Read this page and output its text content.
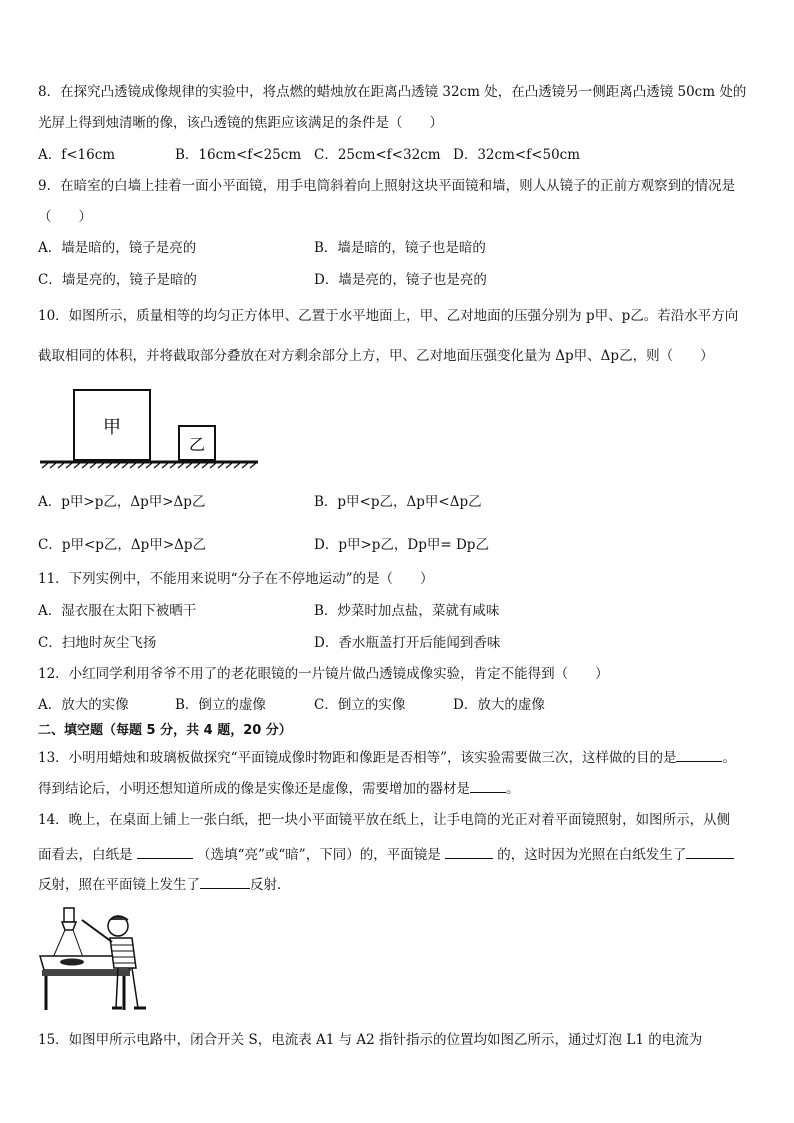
8．在探究凸透镜成像规律的实验中，将点燃的蜡烛放在距离凸透镜 32cm 处，在凸透镜另一侧距离凸透镜 50cm 处的
光屏上得到烛清晰的像，该凸透镜的焦距应该满足的条件是（　　）
A．f<16cm	B．16cm<f<25cm C．25cm<f<32cm D．32cm<f<50cm
9．在暗室的白墙上挂着一面小平面镜，用手电筒斜着向上照射这块平面镜和墙，则人从镜子的正前方观察到的情况是
（　　）
A．墙是暗的，镜子是亮的	B．墙是暗的，镜子也是暗的
C．墙是亮的，镜子是暗的	D．墙是亮的，镜子也是亮的
10．如图所示，质量相等的均匀正方体甲、乙置于水平地面上，甲、乙对地面的压强分别为 p甲、p乙。若沿水平方向
截取相同的体积，并将截取部分叠放在对方剩余部分上方，甲、乙对地面压强变化量为 Δp甲、Δp乙，则（　　）
甲
乙
A．p甲>p乙，Δp甲>Δp乙	B．p甲<p乙，Δp甲<Δp乙
C．p甲<p乙，Δp甲>Δp乙	D．p甲>p乙，Dp甲= Dp乙
11．下列实例中，不能用来说明“分子在不停地运动”的是（　　）
A．湿衣服在太阳下被晒干	B．炒菜时加点盐，菜就有咸味
C．扫地时灰尘飞扬	D．香水瓶盖打开后能闻到香味
12．小红同学利用爷爷不用了的老花眼镜的一片镜片做凸透镜成像实验，肯定不能得到（　　）
A．放大的实像	B．倒立的虚像	C．倒立的实像	D．放大的虚像
二、填空题（每题 5 分，共 4 题，20 分）
13．小明用蜡烛和玻璃板做探究“平面镜成像时物距和像距是否相等”，该实验需要做三次，这样做的目的是	。
得到结论后，小明还想知道所成的像是实像还是虚像，需要增加的器材是	。
14．晚上，在桌面上铺上一张白纸，把一块小平面镜平放在纸上，让手电筒的光正对着平面镜照射，如图所示，从侧
面看去，白纸是	（选填“亮”或“暗”，下同）的，平面镜是	的，这时因为光照在白纸发生了
反射，照在平面镜上发生了	反射．
15．如图甲所示电路中，闭合开关 S，电流表 A1 与 A2 指针指示的位置均如图乙所示，通过灯泡 L1 的电流为
